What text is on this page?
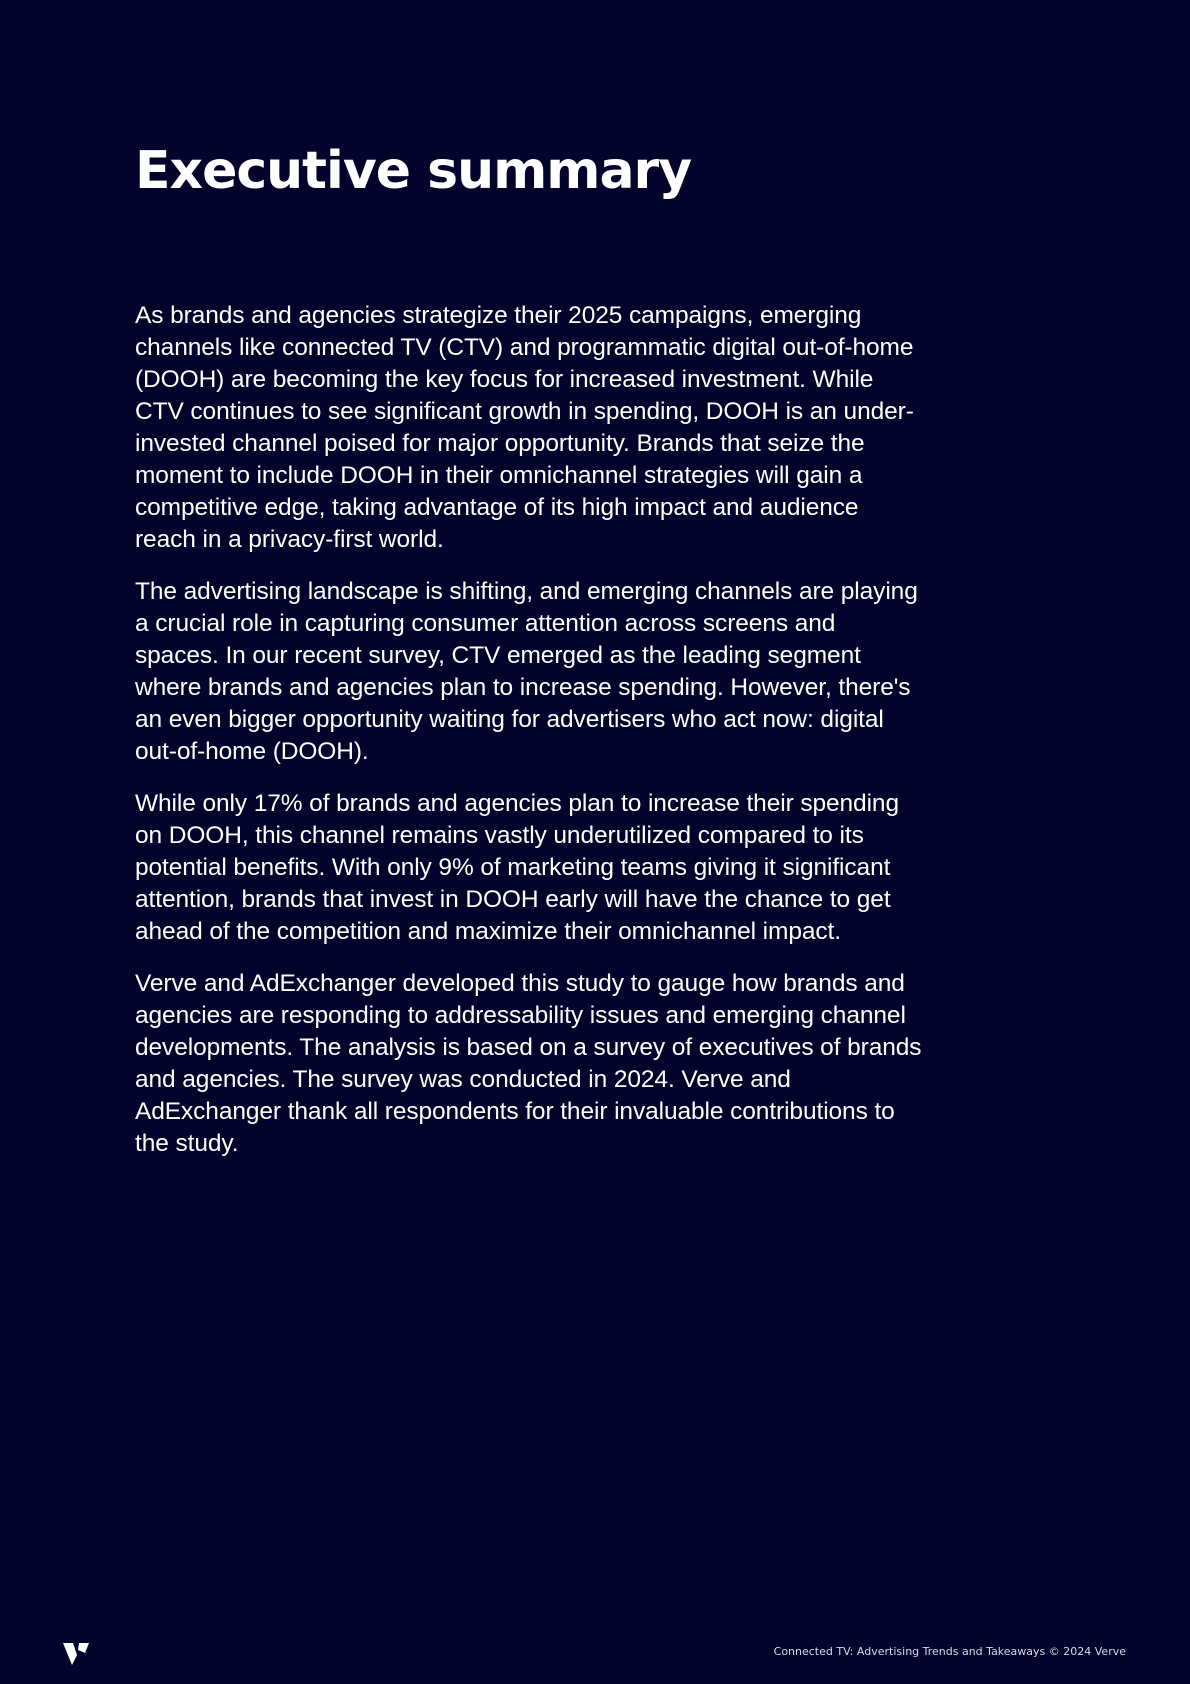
Executive summary

As brands and agencies strategize their 2025 campaigns, emerging channels like connected TV (CTV) and programmatic digital out-of-home (DOOH) are becoming the key focus for increased investment. While CTV continues to see significant growth in spending, DOOH is an under-invested channel poised for major opportunity. Brands that seize the moment to include DOOH in their omnichannel strategies will gain a competitive edge, taking advantage of its high impact and audience reach in a privacy-first world.

The advertising landscape is shifting, and emerging channels are playing a crucial role in capturing consumer attention across screens and spaces. In our recent survey, CTV emerged as the leading segment where brands and agencies plan to increase spending. However, there's an even bigger opportunity waiting for advertisers who act now: digital out-of-home (DOOH).

While only 17% of brands and agencies plan to increase their spending on DOOH, this channel remains vastly underutilized compared to its potential benefits. With only 9% of marketing teams giving it significant attention, brands that invest in DOOH early will have the chance to get ahead of the competition and maximize their omnichannel impact.

Verve and AdExchanger developed this study to gauge how brands and agencies are responding to addressability issues and emerging channel developments. The analysis is based on a survey of executives of brands and agencies. The survey was conducted in 2024. Verve and AdExchanger thank all respondents for their invaluable contributions to the study.

Connected TV: Advertising Trends and Takeaways © 2024 Verve
